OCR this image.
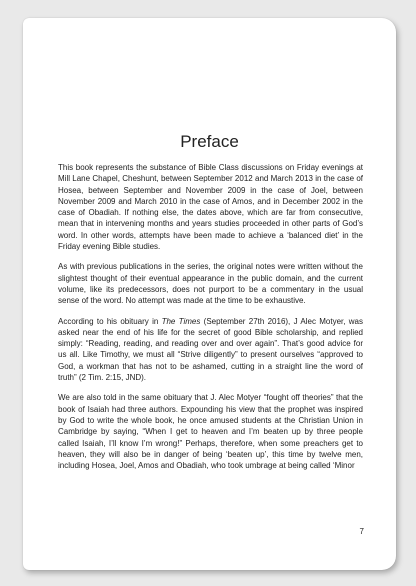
Preface

This book represents the substance of Bible Class discussions on Friday evenings at Mill Lane Chapel, Cheshunt, between September 2012 and March 2013 in the case of Hosea, between September and November 2009 in the case of Joel, between November 2009 and March 2010 in the case of Amos, and in December 2002 in the case of Obadiah. If nothing else, the dates above, which are far from consecutive, mean that in intervening months and years studies proceeded in other parts of God’s word. In other words, attempts have been made to achieve a ‘balanced diet’ in the Friday evening Bible studies.

As with previous publications in the series, the original notes were written without the slightest thought of their eventual appearance in the public domain, and the current volume, like its predecessors, does not purport to be a commentary in the usual sense of the word. No attempt was made at the time to be exhaustive.

According to his obituary in The Times (September 27th 2016), J Alec Motyer, was asked near the end of his life for the secret of good Bible scholarship, and replied simply: “Reading, reading, and reading over and over again”. That’s good advice for us all. Like Timothy, we must all “Strive diligently” to present ourselves “approved to God, a workman that has not to be ashamed, cutting in a straight line the word of truth” (2 Tim. 2:15, JND).

We are also told in the same obituary that J. Alec Motyer “fought off theories” that the book of Isaiah had three authors. Expounding his view that the prophet was inspired by God to write the whole book, he once amused students at the Christian Union in Cambridge by saying, “When I get to heaven and I’m beaten up by three people called Isaiah, I’ll know I’m wrong!” Perhaps, therefore, when some preachers get to heaven, they will also be in danger of being ‘beaten up’, this time by twelve men, including Hosea, Joel, Amos and Obadiah, who took umbrage at being called ‘Minor

7
